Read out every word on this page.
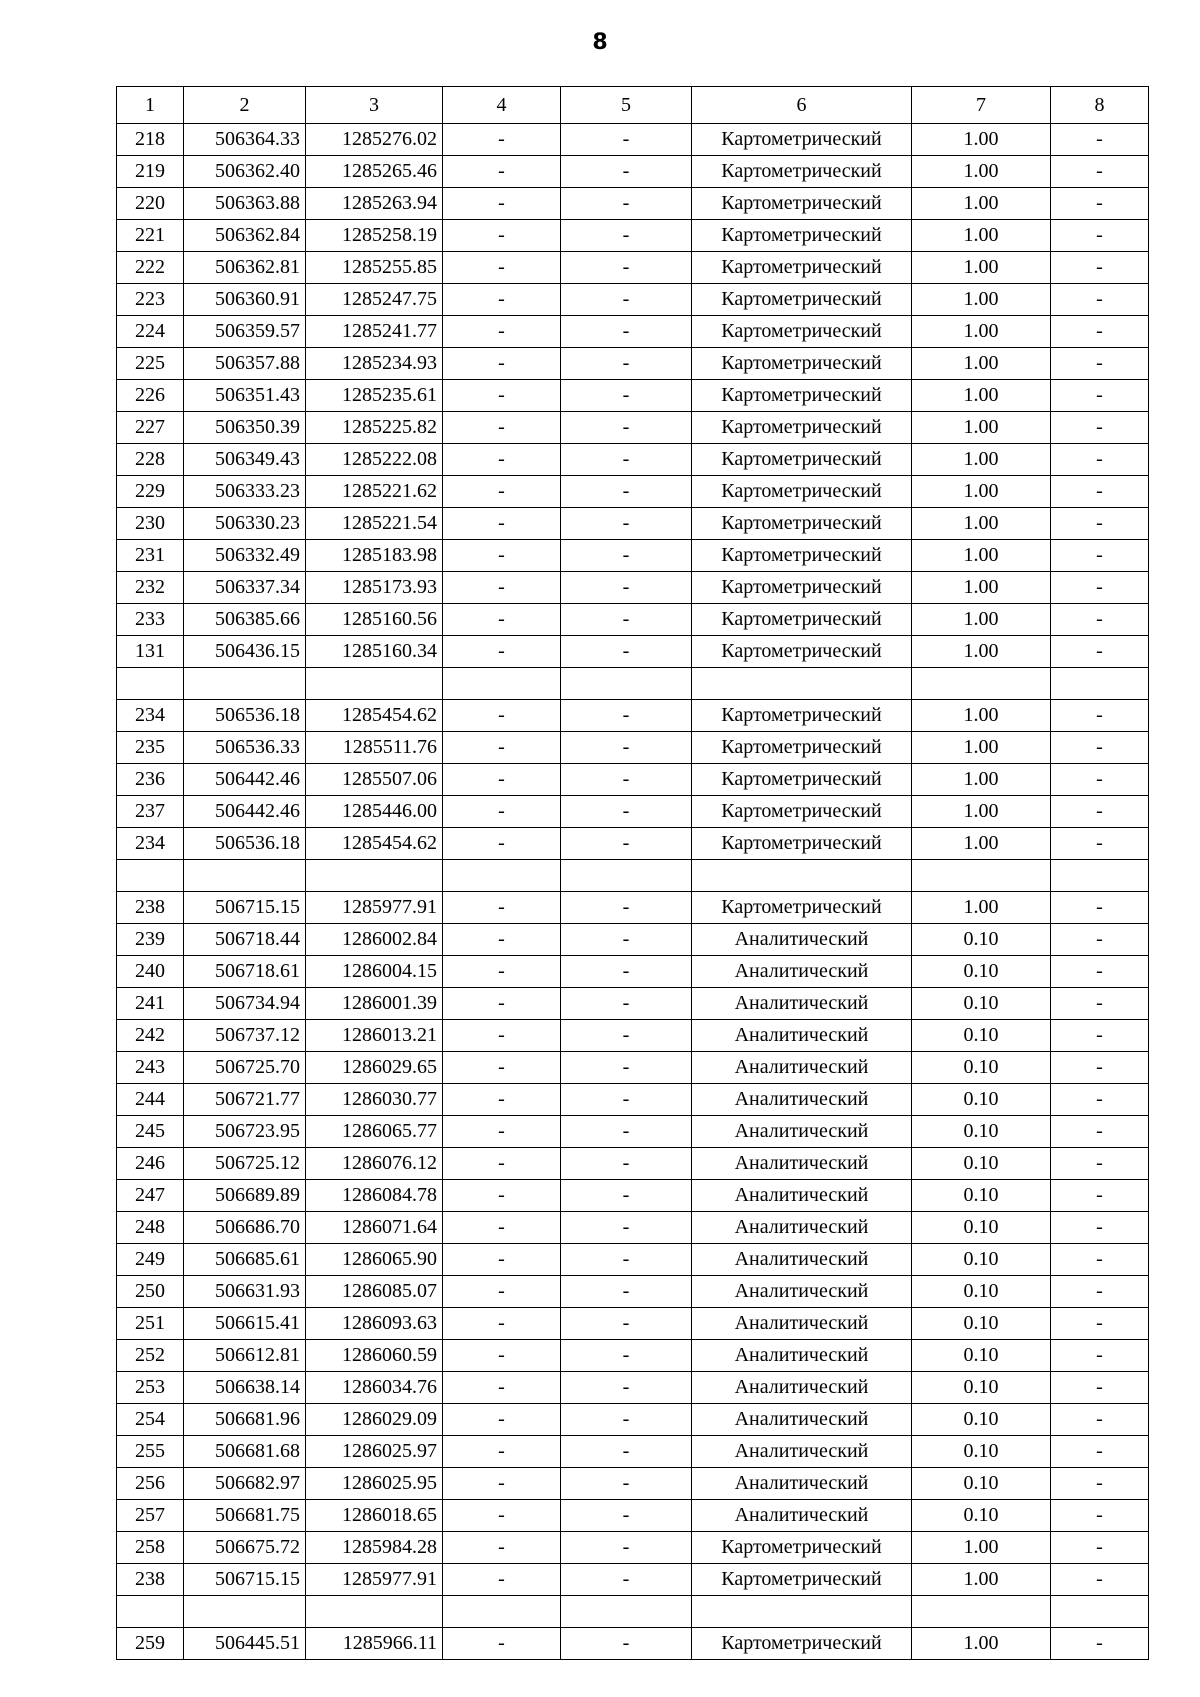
8
1	2	3	4	5	6	7	8
218	506364.33	1285276.02	-	-	Картометрический	1.00	-
219	506362.40	1285265.46	-	-	Картометрический	1.00	-
220	506363.88	1285263.94	-	-	Картометрический	1.00	-
221	506362.84	1285258.19	-	-	Картометрический	1.00	-
222	506362.81	1285255.85	-	-	Картометрический	1.00	-
223	506360.91	1285247.75	-	-	Картометрический	1.00	-
224	506359.57	1285241.77	-	-	Картометрический	1.00	-
225	506357.88	1285234.93	-	-	Картометрический	1.00	-
226	506351.43	1285235.61	-	-	Картометрический	1.00	-
227	506350.39	1285225.82	-	-	Картометрический	1.00	-
228	506349.43	1285222.08	-	-	Картометрический	1.00	-
229	506333.23	1285221.62	-	-	Картометрический	1.00	-
230	506330.23	1285221.54	-	-	Картометрический	1.00	-
231	506332.49	1285183.98	-	-	Картометрический	1.00	-
232	506337.34	1285173.93	-	-	Картометрический	1.00	-
233	506385.66	1285160.56	-	-	Картометрический	1.00	-
131	506436.15	1285160.34	-	-	Картометрический	1.00	-

234	506536.18	1285454.62	-	-	Картометрический	1.00	-
235	506536.33	1285511.76	-	-	Картометрический	1.00	-
236	506442.46	1285507.06	-	-	Картометрический	1.00	-
237	506442.46	1285446.00	-	-	Картометрический	1.00	-
234	506536.18	1285454.62	-	-	Картометрический	1.00	-

238	506715.15	1285977.91	-	-	Картометрический	1.00	-
239	506718.44	1286002.84	-	-	Аналитический	0.10	-
240	506718.61	1286004.15	-	-	Аналитический	0.10	-
241	506734.94	1286001.39	-	-	Аналитический	0.10	-
242	506737.12	1286013.21	-	-	Аналитический	0.10	-
243	506725.70	1286029.65	-	-	Аналитический	0.10	-
244	506721.77	1286030.77	-	-	Аналитический	0.10	-
245	506723.95	1286065.77	-	-	Аналитический	0.10	-
246	506725.12	1286076.12	-	-	Аналитический	0.10	-
247	506689.89	1286084.78	-	-	Аналитический	0.10	-
248	506686.70	1286071.64	-	-	Аналитический	0.10	-
249	506685.61	1286065.90	-	-	Аналитический	0.10	-
250	506631.93	1286085.07	-	-	Аналитический	0.10	-
251	506615.41	1286093.63	-	-	Аналитический	0.10	-
252	506612.81	1286060.59	-	-	Аналитический	0.10	-
253	506638.14	1286034.76	-	-	Аналитический	0.10	-
254	506681.96	1286029.09	-	-	Аналитический	0.10	-
255	506681.68	1286025.97	-	-	Аналитический	0.10	-
256	506682.97	1286025.95	-	-	Аналитический	0.10	-
257	506681.75	1286018.65	-	-	Аналитический	0.10	-
258	506675.72	1285984.28	-	-	Картометрический	1.00	-
238	506715.15	1285977.91	-	-	Картометрический	1.00	-

259	506445.51	1285966.11	-	-	Картометрический	1.00	-
